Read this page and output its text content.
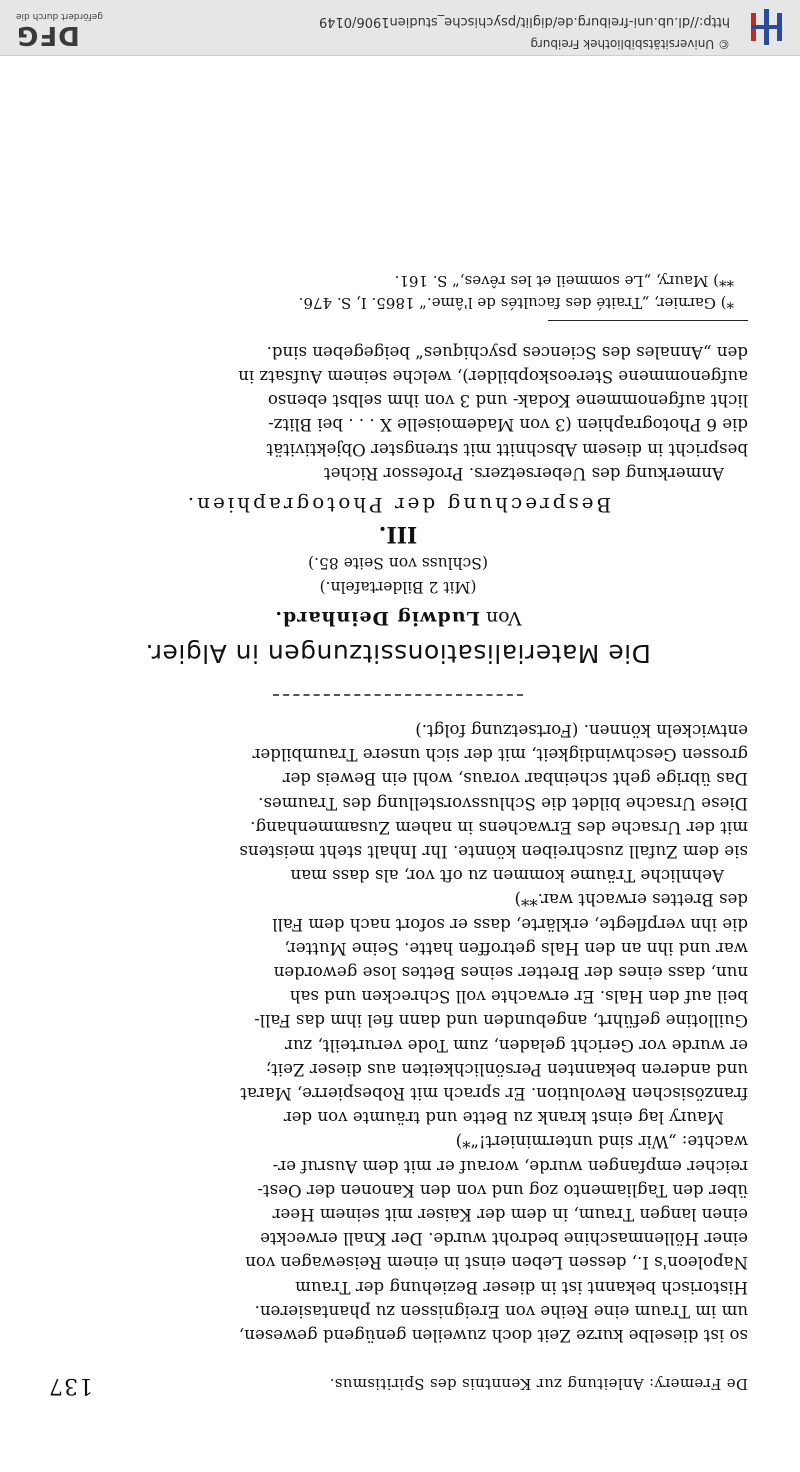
De Fremery: Anleitung zur Kenntnis des Spiritismus.
137
so ist dieselbe kurze Zeit doch zuweilen genügend gewesen,
um im Traum eine Reihe von Ereignissen zu phantasieren.
Historisch bekannt ist in dieser Beziehung der Traum
Napoleon's I., dessen Leben einst in einem Reisewagen von
einer Höllenmaschine bedroht wurde. Der Knall erweckte
einen langen Traum, in dem der Kaiser mit seinem Heer
über den Tagliamento zog und von den Kanonen der Oest-
reicher empfangen wurde, worauf er mit dem Ausruf er-
wachte: „Wir sind unterminiert!“*)
Maury lag einst krank zu Bette und träumte von der
französischen Revolution. Er sprach mit Robespierre, Marat
und anderen bekannten Persönlichkeiten aus dieser Zeit;
er wurde vor Gericht geladen, zum Tode verurteilt, zur
Guillotine geführt, angebunden und dann fiel ihm das Fall-
beil auf den Hals. Er erwachte voll Schrecken und sah
nun, dass eines der Bretter seines Bettes lose geworden
war und ihn an den Hals getroffen hatte. Seine Mutter,
die ihn verpflegte, erklärte, dass er sofort nach dem Fall
des Brettes erwacht war.**)
Aehnliche Träume kommen zu oft vor, als dass man
sie dem Zufall zuschreiben könnte. Ihr Inhalt steht meistens
mit der Ursache des Erwachens in nahem Zusammenhang.
Diese Ursache bildet die Schlussvorstellung des Traumes.
Das übrige geht scheinbar voraus, wohl ein Beweis der
grossen Geschwindigkeit, mit der sich unsere Traumbilder
entwickeln können. (Fortsetzung folgt.)
Die Materialisationssitzungen in Algier.
Von Ludwig Deinhard.
(Mit 2 Bildertafeln.)
(Schluss von Seite 85.)
III.
Besprechung der Photographien.
Anmerkung des Uebersetzers. Professor Richet
bespricht in diesem Abschnitt mit strengster Objektivität
die 6 Photographien (3 von Mademoiselle X . . . bei Blitz-
licht aufgenommene Kodak- und 3 von ihm selbst ebenso
aufgenommene Stereoskopbilder), welche seinem Aufsatz in
den „Annales des Sciences psychiques“ beigegeben sind.
*) Garnier, „Traité des facultés de l'âme.“ 1865. I, S. 476.
**) Maury, „Le sommeil et les rêves,“ S. 161.
© Universitätsbibliothek Freiburg
http://dl.ub.uni-freiburg.de/diglit/psychische_studien1906/0149
DFG
gefördert durch die
